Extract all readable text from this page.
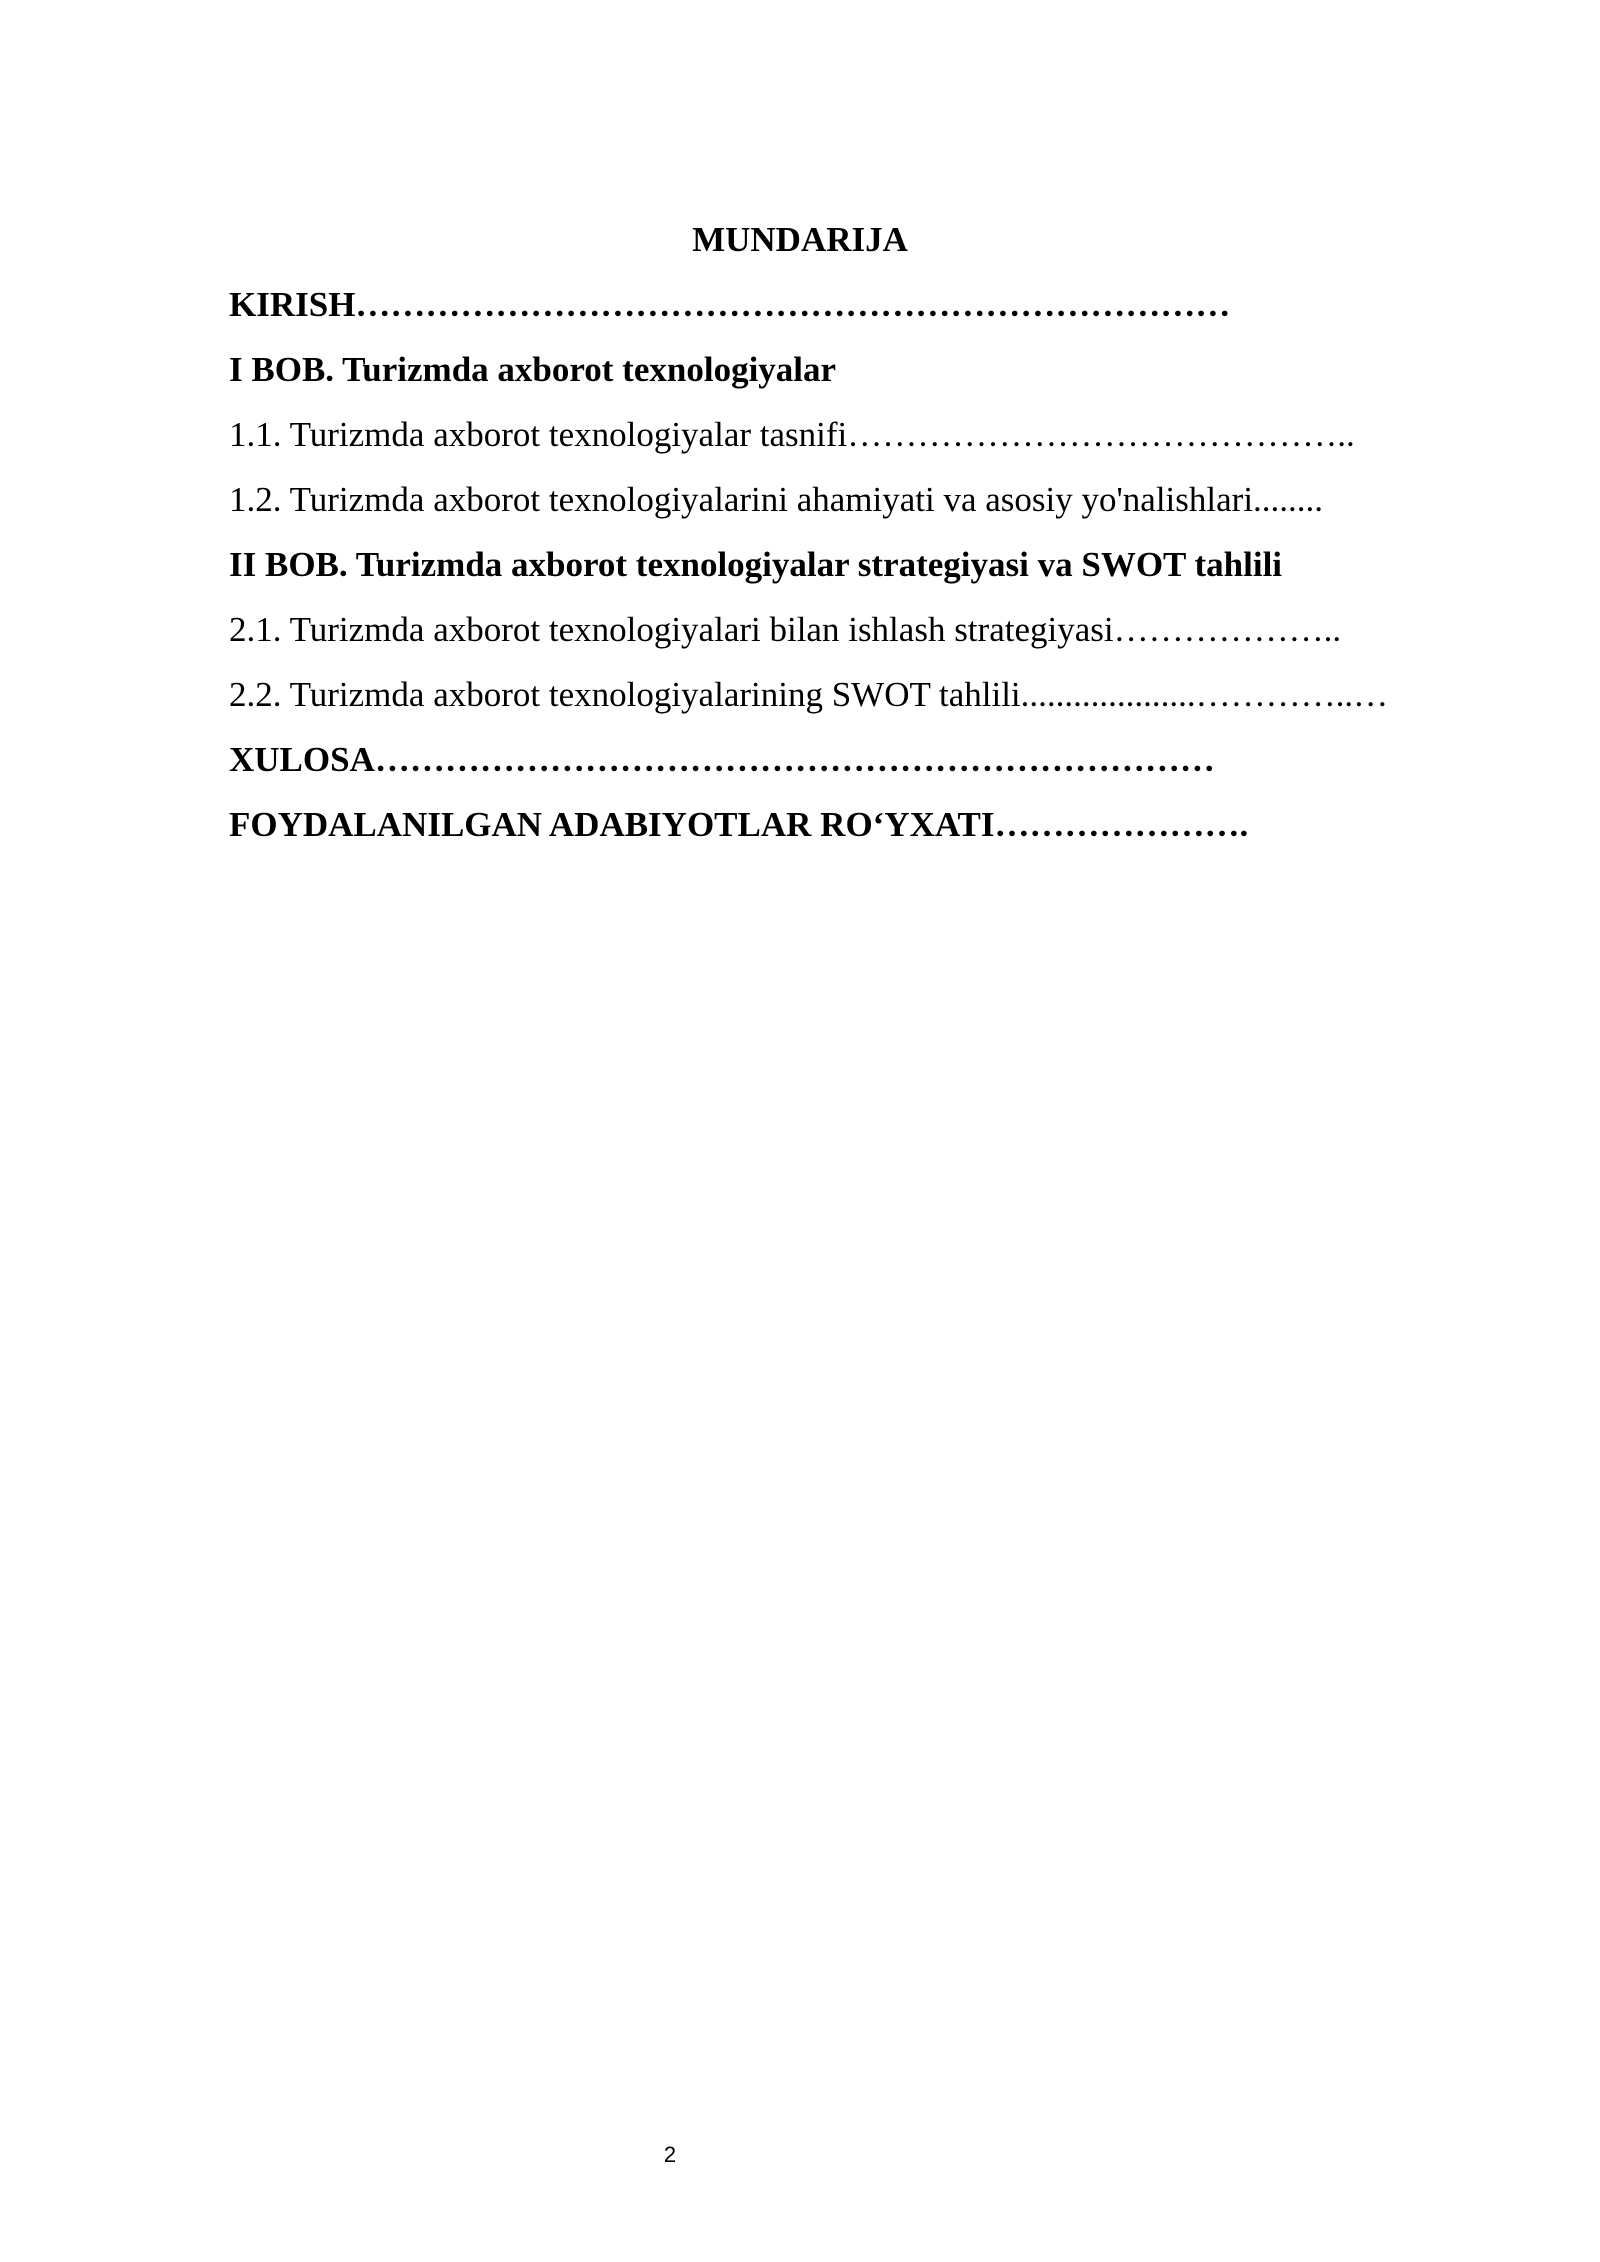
MUNDARIJA
KIRISH…………………………………………………………………
I BOB. Turizmda axborot texnologiyalar
1.1. Turizmda axborot texnologiyalar tasnifi……………………………………..
1.2. Turizmda axborot texnologiyalarini ahamiyati va asosiy yo'nalishlari........
II BOB. Turizmda axborot texnologiyalar strategiyasi va SWOT tahlili
2.1. Turizmda axborot texnologiyalari bilan ishlash strategiyasi………………..
2.2. Turizmda axborot texnologiyalarining SWOT tahlili....................…………..…
XULOSA………………………………………………………………
FOYDALANILGAN ADABIYOTLAR RO‘YXATI………………….
2
